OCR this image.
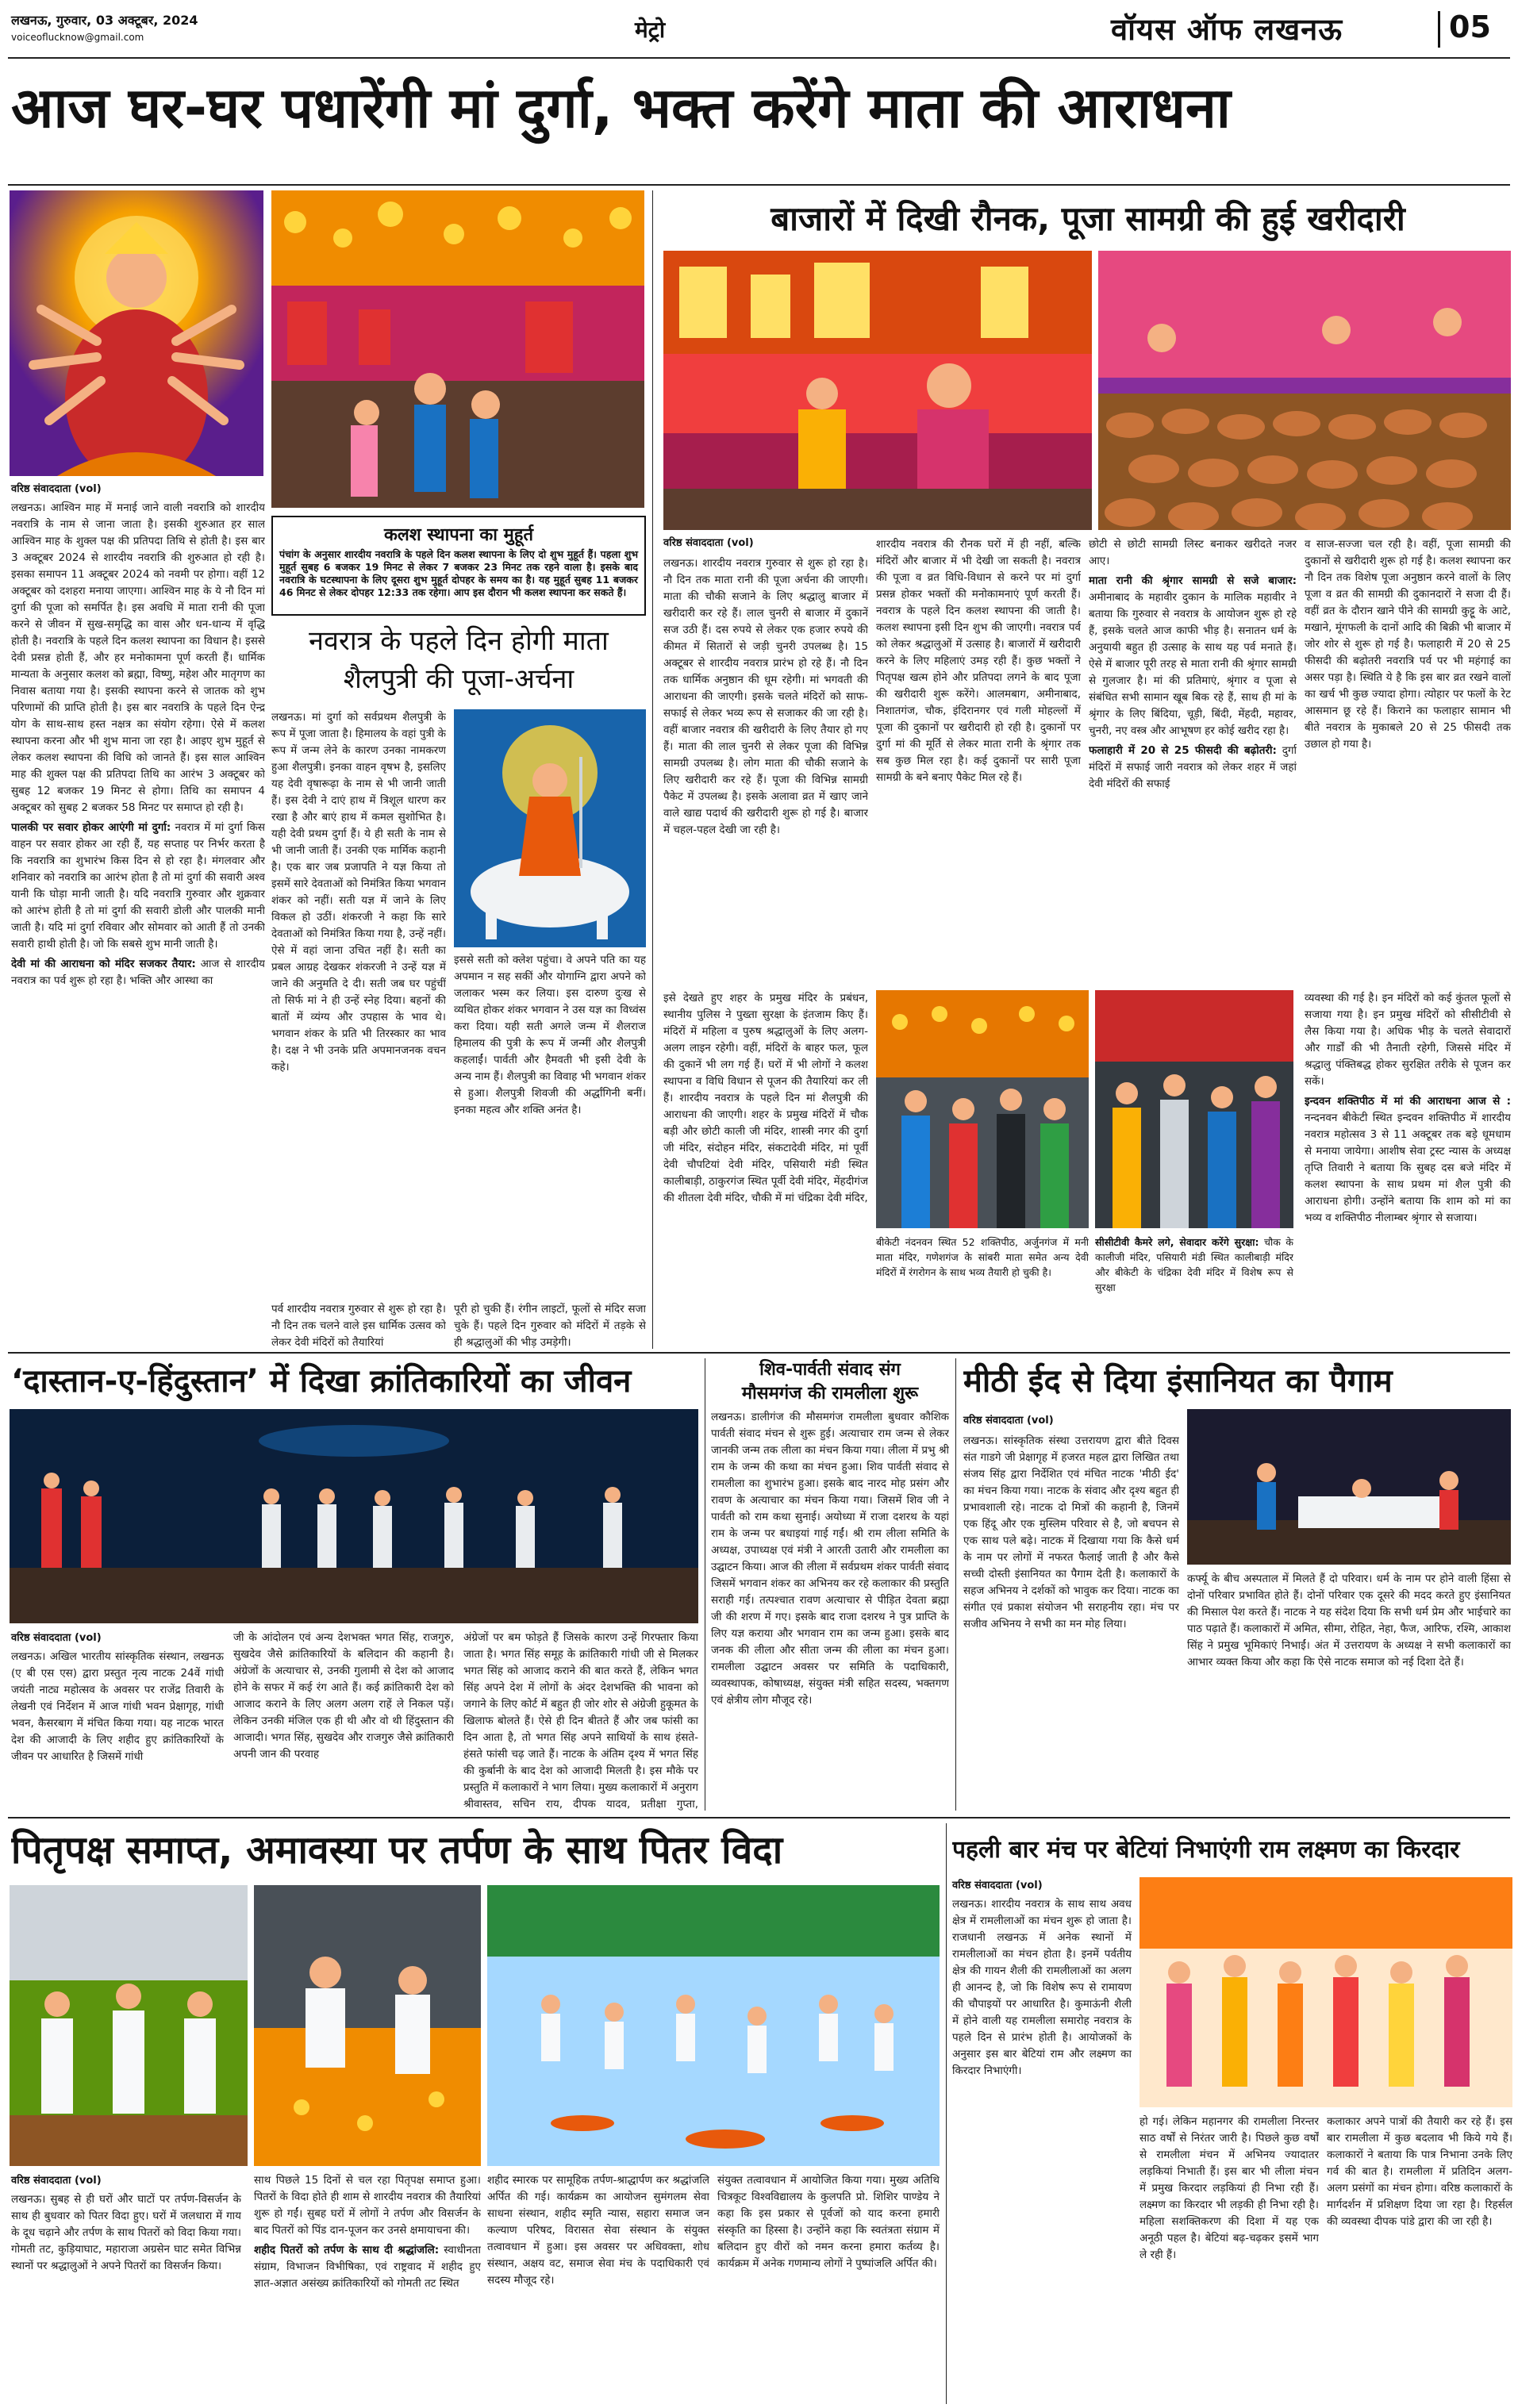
लखनऊ, गुरुवार, 03 अक्टूबर, 2024
voiceoflucknow@gmail.com	मेट्रो	वॉयस ऑफ लखनऊ	05
आज घर-घर पधारेंगी मां दुर्गा, भक्त करेंगे माता की आराधना
वरिष्ठ संवाददाता (vol)
कलश स्थापना का मुहूर्त
पंचांग के अनुसार शारदीय नवरात्रि के पहले दिन कलश स्थापना के लिए दो शुभ मुहूर्त हैं। पहला शुभ मुहूर्त सुबह 6 बजकर 19 मिनट से लेकर 7 बजकर 23 मिनट तक रहने वाला है। इसके बाद नवरात्रि के घटस्थापना के लिए दूसरा शुभ मुहूर्त दोपहर के समय का है। यह मुहूर्त सुबह 11 बजकर 46 मिनट से लेकर दोपहर 12:33 तक रहेगा। आप इस दौरान भी कलश स्थापना कर सकते हैं।

लखनऊ। आश्विन माह में मनाई जाने वाली नवरात्रि को शारदीय नवरात्रि के नाम से जाना जाता है। इसकी शुरुआत हर साल आश्विन माह के शुक्ल पक्ष की प्रतिपदा तिथि से होती है। इस बार 3 अक्टूबर 2024 से शारदीय नवरात्रि की शुरुआत हो रही है। इसका समापन 11 अक्टूबर 2024 को नवमी पर होगा। वहीं 12 अक्टूबर को दशहरा मनाया जाएगा। आश्विन माह के ये नौ दिन मां दुर्गा की पूजा को समर्पित है। इस अवधि में माता रानी की पूजा करने से जीवन में सुख-समृद्धि का वास और धन-धान्य में वृद्धि होती है। नवरात्रि के पहले दिन कलश स्थापना का विधान है। इससे देवी प्रसन्न होती हैं, और हर मनोकामना पूर्ण करती हैं। धार्मिक मान्यता के अनुसार कलश को ब्रह्मा, विष्णु, महेश और मातृगण का निवास बताया गया है। इसकी स्थापना करने से जातक को शुभ परिणामों की प्राप्ति होती है। इस बार नवरात्रि के पहले दिन ऐन्द्र योग के साथ-साथ हस्त नक्षत्र का संयोग रहेगा। ऐसे में कलश स्थापना करना और भी शुभ माना जा रहा है। आइए शुभ मुहूर्त से लेकर कलश स्थापना की विधि को जानते हैं। इस साल आश्विन माह की शुक्ल पक्ष की प्रतिपदा तिथि का आरंभ 3 अक्टूबर को सुबह 12 बजकर 19 मिनट से होगा। तिथि का समापन 4 अक्टूबर को सुबह 2 बजकर 58 मिनट पर समाप्त हो रही है।

पालकी पर सवार होकर आएंगी मां दुर्गा: नवरात्र में मां दुर्गा किस वाहन पर सवार होकर आ रही हैं, यह सप्ताह पर निर्भर करता है कि नवरात्रि का शुभारंभ किस दिन से हो रहा है। मंगलवार और शनिवार को नवरात्रि का आरंभ होता है तो मां दुर्गा की सवारी अश्व यानी कि घोड़ा मानी जाती है। यदि नवरात्रि गुरुवार और शुक्रवार को आरंभ होती है तो मां दुर्गा की सवारी डोली और पालकी मानी जाती है। यदि मां दुर्गा रविवार और सोमवार को आती हैं तो उनकी सवारी हाथी होती है। जो कि सबसे शुभ मानी जाती है।

देवी मां की आराधना को मंदिर सजकर तैयार: आज से शारदीय नवरात्र का पर्व शुरू हो रहा है। भक्ति और आस्था का

नवरात्र के पहले दिन होगी माता
शैलपुत्री की पूजा-अर्चना

लखनऊ। मां दुर्गा को सर्वप्रथम शैलपुत्री के रूप में पूजा जाता है। हिमालय के वहां पुत्री के रूप में जन्म लेने के कारण उनका नामकरण हुआ शैलपुत्री। इनका वाहन वृषभ है, इसलिए यह देवी वृषारूढ़ा के नाम से भी जानी जाती हैं। इस देवी ने दाएं हाथ में त्रिशूल धारण कर रखा है और बाएं हाथ में कमल सुशोभित है। यही देवी प्रथम दुर्गा हैं। ये ही सती के नाम से भी जानी जाती हैं। उनकी एक मार्मिक कहानी है। एक बार जब प्रजापति ने यज्ञ किया तो इसमें सारे देवताओं को निमंत्रित किया भगवान शंकर को नहीं। सती यज्ञ में जाने के लिए विकल हो उठीं। शंकरजी ने कहा कि सारे देवताओं को निमंत्रित किया गया है, उन्हें नहीं। ऐसे में वहां जाना उचित नहीं है। सती का प्रबल आग्रह देखकर शंकरजी ने उन्हें यज्ञ में जाने की अनुमति दे दी। सती जब घर पहुंचीं तो सिर्फ मां ने ही उन्हें स्नेह दिया। बहनों की बातों में व्यंग्य और उपहास के भाव थे। भगवान शंकर के प्रति भी तिरस्कार का भाव है। दक्ष ने भी उनके प्रति अपमानजनक वचन कहे।

इससे सती को क्लेश पहुंचा। वे अपने पति का यह अपमान न सह सकीं और योगाग्नि द्वारा अपने को जलाकर भस्म कर लिया। इस दारुण दुःख से व्यथित होकर शंकर भगवान ने उस यज्ञ का विध्वंस करा दिया। यही सती अगले जन्म में शैलराज हिमालय की पुत्री के रूप में जन्मीं और शैलपुत्री कहलाईं। पार्वती और हैमवती भी इसी देवी के अन्य नाम हैं। शैलपुत्री का विवाह भी भगवान शंकर से हुआ। शैलपुत्री शिवजी की अर्द्धांगिनी बनीं। इनका महत्व और शक्ति अनंत है।

पर्व शारदीय नवरात्र गुरुवार से शुरू हो रहा है। नौ दिन तक चलने वाले इस धार्मिक उत्सव को लेकर देवी मंदिरों को तैयारियां

पूरी हो चुकी हैं। रंगीन लाइटों, फूलों से मंदिर सजा चुके हैं। पहले दिन गुरुवार को मंदिरों में तड़के से ही श्रद्धालुओं की भीड़ उमड़ेगी।

बाजारों में दिखी रौनक, पूजा सामग्री की हुई खरीदारी
वरिष्ठ संवाददाता (vol)

लखनऊ। शारदीय नवरात्र गुरुवार से शुरू हो रहा है। नौ दिन तक माता रानी की पूजा अर्चना की जाएगी। माता की चौकी सजाने के लिए श्रद्धालु बाजार में खरीदारी कर रहे हैं। लाल चुनरी से बाजार में दुकानें सज उठी हैं। दस रुपये से लेकर एक हजार रुपये की कीमत में सितारों से जड़ी चुनरी उपलब्ध है। 15 अक्टूबर से शारदीय नवरात्र प्रारंभ हो रहे हैं। नौ दिन तक धार्मिक अनुष्ठान की धूम रहेगी। मां भगवती की आराधना की जाएगी। इसके चलते मंदिरों को साफ-सफाई से लेकर भव्य रूप से सजाकर की जा रही है। वहीं बाजार नवरात्र की खरीदारी के लिए तैयार हो गए हैं। माता की लाल चुनरी से लेकर पूजा की विभिन्न सामग्री उपलब्ध है। लोग माता की चौकी सजाने के लिए खरीदारी कर रहे हैं। पूजा की विभिन्न सामग्री पैकेट में उपलब्ध है। इसके अलावा व्रत में खाए जाने वाले खाद्य पदार्थ की खरीदारी शुरू हो गई है। बाजार में चहल-पहल देखी जा रही है।

शारदीय नवरात्र की रौनक घरों में ही नहीं, बल्कि मंदिरों और बाजार में भी देखी जा सकती है। नवरात्र की पूजा व व्रत विधि-विधान से करने पर मां दुर्गा प्रसन्न होकर भक्तों की मनोकामनाएं पूर्ण करती हैं। नवरात्र के पहले दिन कलश स्थापना की जाती है। कलश स्थापना इसी दिन शुभ की जाएगी। नवरात्र पर्व को लेकर श्रद्धालुओं में उत्साह है। बाजारों में खरीदारी करने के लिए महिलाएं उमड़ रही हैं। कुछ भक्तों ने पितृपक्ष खत्म होने और प्रतिपदा लगने के बाद पूजा की खरीदारी शुरू करेंगे। आलमबाग, अमीनाबाद, निशातगंज, चौक, इंदिरानगर एवं गली मोहल्लों में पूजा की दुकानों पर खरीदारी हो रही है। दुकानों पर दुर्गा मां की मूर्ति से लेकर माता रानी के श्रृंगार तक सब कुछ मिल रहा है। कई दुकानों पर सारी पूजा सामग्री के बने बनाए पैकेट मिल रहे हैं।

छोटी से छोटी सामग्री लिस्ट बनाकर खरीदते नजर आए।

माता रानी की श्रृंगार सामग्री से सजे बाजार: अमीनाबाद के महावीर दुकान के मालिक महावीर ने बताया कि गुरुवार से नवरात्र के आयोजन शुरू हो रहे हैं, इसके चलते आज काफी भीड़ है। सनातन धर्म के अनुयायी बहुत ही उत्साह के साथ यह पर्व मनाते हैं। ऐसे में बाजार पूरी तरह से माता रानी की श्रृंगार सामग्री से गुलजार है। मां की प्रतिमाएं, श्रृंगार व पूजा से संबंधित सभी सामान खूब बिक रहे हैं, साथ ही मां के श्रृंगार के लिए बिंदिया, चूड़ी, बिंदी, मेंहदी, महावर, चुनरी, नए वस्त्र और आभूषण हर कोई खरीद रहा है।

फलाहारी में 20 से 25 फीसदी की बढ़ोतरी: दुर्गा मंदिरों में सफाई जारी नवरात्र को लेकर शहर में जहां देवी मंदिरों की सफाई

व साज-सज्जा चल रही है। वहीं, पूजा सामग्री की दुकानों से खरीदारी शुरू हो गई है। कलश स्थापना कर नौ दिन तक विशेष पूजा अनुष्ठान करने वालों के लिए पूजा व व्रत की सामग्री की दुकानदारों ने सजा दी हैं। वहीं व्रत के दौरान खाने पीने की सामग्री कुट्टू के आटे, मखाने, मूंगफली के दानों आदि की बिक्री भी बाजार में जोर शोर से शुरू हो गई है। फलाहारी में 20 से 25 फीसदी की बढ़ोतरी नवरात्रि पर्व पर भी महंगाई का असर पड़ा है। स्थिति ये है कि इस बार व्रत रखने वालों का खर्च भी कुछ ज्यादा होगा। त्योहार पर फलों के रेट आसमान छू रहे हैं। किराने का फलाहार सामान भी बीते नवरात्र के मुकाबले 20 से 25 फीसदी तक उछाल हो गया है।

इसे देखते हुए शहर के प्रमुख मंदिर के प्रबंधन, स्थानीय पुलिस ने पुख्ता सुरक्षा के इंतजाम किए हैं। मंदिरों में महिला व पुरुष श्रद्धालुओं के लिए अलग-अलग लाइन रहेगी। वहीं, मंदिरों के बाहर फल, फूल की दुकानें भी लग गई हैं। घरों में भी लोगों ने कलश स्थापना व विधि विधान से पूजन की तैयारियां कर ली हैं। शारदीय नवरात्र के पहले दिन मां शैलपुत्री की आराधना की जाएगी। शहर के प्रमुख मंदिरों में चौक बड़ी और छोटी काली जी मंदिर, शास्त्री नगर की दुर्गा जी मंदिर, संदोहन मंदिर, संकटादेवी मंदिर, मां पूर्वी देवी चौपटियां देवी मंदिर, पसियारी मंडी स्थित कालीबाड़ी, ठाकुरगंज स्थित पूर्वी देवी मंदिर, मेंहदीगंज की शीतला देवी मंदिर, चौकी में मां चंद्रिका देवी मंदिर,

बीकेटी नंदनवन स्थित 52 शक्तिपीठ, अर्जुनगंज में मनी माता मंदिर, गणेशगंज के सांबरी माता समेत अन्य देवी मंदिरों में रंगरोगन के साथ भव्य तैयारी हो चुकी है।
सीसीटीवी कैमरे लगे, सेवादार करेंगे सुरक्षा: चौक के कालीजी मंदिर, पसियारी मंडी स्थित कालीबाड़ी मंदिर और बीकेटी के चंद्रिका देवी मंदिर में विशेष रूप से सुरक्षा

व्यवस्था की गई है। इन मंदिरों को कई कुंतल फूलों से सजाया गया है। इन प्रमुख मंदिरों को सीसीटीवी से लैस किया गया है। अधिक भीड़ के चलते सेवादारों और गार्डों की भी तैनाती रहेगी, जिससे मंदिर में श्रद्धालु पंक्तिबद्ध होकर सुरक्षित तरीके से पूजन कर सकें।

इन्दवन शक्तिपीठ में मां की आराधना आज से : नन्दनवन बीकेटी स्थित इन्दवन शक्तिपीठ में शारदीय नवरात्र महोत्सव 3 से 11 अक्टूबर तक बड़े धूमधाम से मनाया जायेगा। आशीष सेवा ट्रस्ट न्यास के अध्यक्ष तृप्ति तिवारी ने बताया कि सुबह दस बजे मंदिर में कलश स्थापना के साथ प्रथम मां शैल पुत्री की आराधना होगी। उन्होंने बताया कि शाम को मां का भव्य व शक्तिपीठ नीलाम्बर श्रृंगार से सजाया।

‘दास्तान-ए-हिंदुस्तान’ में दिखा क्रांतिकारियों का जीवन
वरिष्ठ संवाददाता (vol)

लखनऊ। अखिल भारतीय सांस्कृतिक संस्थान, लखनऊ (ए बी एस एस) द्वारा प्रस्तुत नृत्य नाटक 24वें गांधी जयंती नाट्य महोत्सव के अवसर पर राजेंद्र तिवारी के लेखनी एवं निर्देशन में आज गांधी भवन प्रेक्षागृह, गांधी भवन, कैसरबाग में मंचित किया गया। यह नाटक भारत देश की आजादी के लिए शहीद हुए क्रांतिकारियों के जीवन पर आधारित है जिसमें गांधी

जी के आंदोलन एवं अन्य देशभक्त भगत सिंह, राजगुरु, सुखदेव जैसे क्रांतिकारियों के बलिदान की कहानी है। अंग्रेजों के अत्याचार से, उनकी गुलामी से देश को आजाद होने के सफर में कई रंग आते हैं। कई क्रांतिकारी देश को आजाद कराने के लिए अलग अलग राहें ले निकल पड़ें। लेकिन उनकी मंजिल एक ही थी और वो थी हिंदुस्तान की आजादी। भगत सिंह, सुखदेव और राजगुरु जैसे क्रांतिकारी अपनी जान की परवाह

अंग्रेजों पर बम फोड़ते हैं जिसके कारण उन्हें गिरफ्तार किया जाता है। भगत सिंह समूह के क्रांतिकारी गांधी जी से मिलकर भगत सिंह को आजाद कराने की बात करते हैं, लेकिन भगत सिंह अपने देश में लोगों के अंदर देशभक्ति की भावना को जगाने के लिए कोर्ट में बहुत ही जोर शोर से अंग्रेजी हुकूमत के खिलाफ बोलते हैं। ऐसे ही दिन बीतते हैं और जब फांसी का दिन आता है, तो भगत सिंह अपने साथियों के साथ हंसते-हंसते फांसी चढ़ जाते हैं। नाटक के अंतिम दृश्य में भगत सिंह की कुर्बानी के बाद देश को आजादी मिलती है। इस मौके पर प्रस्तुति में कलाकारों ने भाग लिया। मुख्य कलाकारों में अनुराग श्रीवास्तव, सचिन राय, दीपक यादव, प्रतीक्षा गुप्ता,

शिव-पार्वती संवाद संग
मौसमगंज की रामलीला शुरू

लखनऊ। डालीगंज की मौसमगंज रामलीला बुधवार कौशिक पार्वती संवाद मंचन से शुरू हुई। अत्याचार राम जन्म से लेकर जानकी जन्म तक लीला का मंचन किया गया। लीला में प्रभु श्री राम के जन्म की कथा का मंचन हुआ। शिव पार्वती संवाद से रामलीला का शुभारंभ हुआ। इसके बाद नारद मोह प्रसंग और रावण के अत्याचार का मंचन किया गया। जिसमें शिव जी ने पार्वती को राम कथा सुनाई। अयोध्या में राजा दशरथ के यहां राम के जन्म पर बधाइयां गाई गईं। श्री राम लीला समिति के अध्यक्ष, उपाध्यक्ष एवं मंत्री ने आरती उतारी और रामलीला का उद्घाटन किया। आज की लीला में सर्वप्रथम शंकर पार्वती संवाद जिसमें भगवान शंकर का अभिनय कर रहे कलाकार की प्रस्तुति सराही गई। तत्पश्चात रावण अत्याचार से पीड़ित देवता ब्रह्मा जी की शरण में गए। इसके बाद राजा दशरथ ने पुत्र प्राप्ति के लिए यज्ञ कराया और भगवान राम का जन्म हुआ। इसके बाद जनक की लीला और सीता जन्म की लीला का मंचन हुआ। रामलीला उद्घाटन अवसर पर समिति के पदाधिकारी, व्यवस्थापक, कोषाध्यक्ष, संयुक्त मंत्री सहित सदस्य, भक्तगण एवं क्षेत्रीय लोग मौजूद रहे।

मीठी ईद से दिया इंसानियत का पैगाम
वरिष्ठ संवाददाता (vol)

लखनऊ। सांस्कृतिक संस्था उत्तरायण द्वारा बीते दिवस संत गाडगे जी प्रेक्षागृह में हजरत महल द्वारा लिखित तथा संजय सिंह द्वारा निर्देशित एवं मंचित नाटक 'मीठी ईद' का मंचन किया गया। नाटक के संवाद और दृश्य बहुत ही प्रभावशाली रहे। नाटक दो मित्रों की कहानी है, जिनमें एक हिंदू और एक मुस्लिम परिवार से है, जो बचपन से एक साथ पले बढ़े। नाटक में दिखाया गया कि कैसे धर्म के नाम पर लोगों में नफरत फैलाई जाती है और कैसे सच्ची दोस्ती इंसानियत का पैगाम देती है। कलाकारों के सहज अभिनय ने दर्शकों को भावुक कर दिया। नाटक का संगीत एवं प्रकाश संयोजन भी सराहनीय रहा। मंच पर सजीव अभिनय ने सभी का मन मोह लिया।

कर्फ्यू के बीच अस्पताल में मिलते हैं दो परिवार। धर्म के नाम पर होने वाली हिंसा से दोनों परिवार प्रभावित होते हैं। दोनों परिवार एक दूसरे की मदद करते हुए इंसानियत की मिसाल पेश करते हैं। नाटक ने यह संदेश दिया कि सभी धर्म प्रेम और भाईचारे का पाठ पढ़ाते हैं। कलाकारों में अमित, सीमा, रोहित, नेहा, फैज, आरिफ, रश्मि, आकाश सिंह ने प्रमुख भूमिकाएं निभाईं। अंत में उत्तरायण के अध्यक्ष ने सभी कलाकारों का आभार व्यक्त किया और कहा कि ऐसे नाटक समाज को नई दिशा देते हैं।

पितृपक्ष समाप्त, अमावस्या पर तर्पण के साथ पितर विदा
वरिष्ठ संवाददाता (vol)

लखनऊ। सुबह से ही घरों और घाटों पर तर्पण-विसर्जन के साथ ही बुधवार को पितर विदा हुए। घरों में जलधारा में गाय के दूध चढ़ाने और तर्पण के साथ पितरों को विदा किया गया। गोमती तट, कुड़ियाघाट, महाराजा अग्रसेन घाट समेत विभिन्न स्थानों पर श्रद्धालुओं ने अपने पितरों का विसर्जन किया।

साथ पिछले 15 दिनों से चल रहा पितृपक्ष समाप्त हुआ। पितरों के विदा होते ही शाम से शारदीय नवरात्र की तैयारियां शुरू हो गईं। सुबह घरों में लोगों ने तर्पण और विसर्जन के बाद पितरों को पिंड दान-पूजन कर उनसे क्षमायाचना की।

शहीद पितरों को तर्पण के साथ दी श्रद्धांजलि: स्वाधीनता संग्राम, विभाजन विभीषिका, एवं राष्ट्रवाद में शहीद हुए ज्ञात-अज्ञात असंख्य क्रांतिकारियों को गोमती तट स्थित

शहीद स्मारक पर सामूहिक तर्पण-श्राद्धार्पण कर श्रद्धांजलि अर्पित की गई। कार्यक्रम का आयोजन सुमंगलम सेवा साधना संस्थान, शहीद स्मृति न्यास, सहारा समाज जन कल्याण परिषद, विरासत सेवा संस्थान के संयुक्त तत्वावधान में हुआ। इस अवसर पर अधिवक्ता, शोध संस्थान, अक्षय वट, समाज सेवा मंच के पदाधिकारी एवं सदस्य मौजूद रहे।

संयुक्त तत्वावधान में आयोजित किया गया। मुख्य अतिथि चित्रकूट विश्वविद्यालय के कुलपति प्रो. शिशिर पाण्डेय ने कहा कि इस प्रकार से पूर्वजों को याद करना हमारी संस्कृति का हिस्सा है। उन्होंने कहा कि स्वतंत्रता संग्राम में बलिदान हुए वीरों को नमन करना हमारा कर्तव्य है। कार्यक्रम में अनेक गणमान्य लोगों ने पुष्पांजलि अर्पित की।

पहली बार मंच पर बेटियां निभाएंगी राम लक्ष्मण का किरदार
वरिष्ठ संवाददाता (vol)

लखनऊ। शारदीय नवरात्र के साथ साथ अवध क्षेत्र में रामलीलाओं का मंचन शुरू हो जाता है। राजधानी लखनऊ में अनेक स्थानों में रामलीलाओं का मंचन होता है। इनमें पर्वतीय क्षेत्र की गायन शैली की रामलीलाओं का अलग ही आनन्द है, जो कि विशेष रूप से रामायण की चौपाइयों पर आधारित है। कुमाऊंनी शैली में होने वाली यह रामलीला समारोह नवरात्र के पहले दिन से प्रारंभ होती है। आयोजकों के अनुसार इस बार बेटियां राम और लक्ष्मण का किरदार निभाएंगी।

हो गई। लेकिन महानगर की रामलीला निरन्तर साठ वर्षों से निरंतर जारी है। पिछले कुछ वर्षों से रामलीला मंचन में अभिनय ज्यादातर लड़कियां निभाती हैं। इस बार भी लीला मंचन में प्रमुख किरदार लड़कियां ही निभा रही हैं। लक्ष्मण का किरदार भी लड़की ही निभा रही है। महिला सशक्तिकरण की दिशा में यह एक अनूठी पहल है। बेटियां बढ़-चढ़कर इसमें भाग ले रही हैं।

कलाकार अपने पात्रों की तैयारी कर रहे हैं। इस बार रामलीला में कुछ बदलाव भी किये गये हैं। कलाकारों ने बताया कि पात्र निभाना उनके लिए गर्व की बात है। रामलीला में प्रतिदिन अलग-अलग प्रसंगों का मंचन होगा। वरिष्ठ कलाकारों के मार्गदर्शन में प्रशिक्षण दिया जा रहा है। रिहर्सल की व्यवस्था दीपक पांडे द्वारा की जा रही है।
